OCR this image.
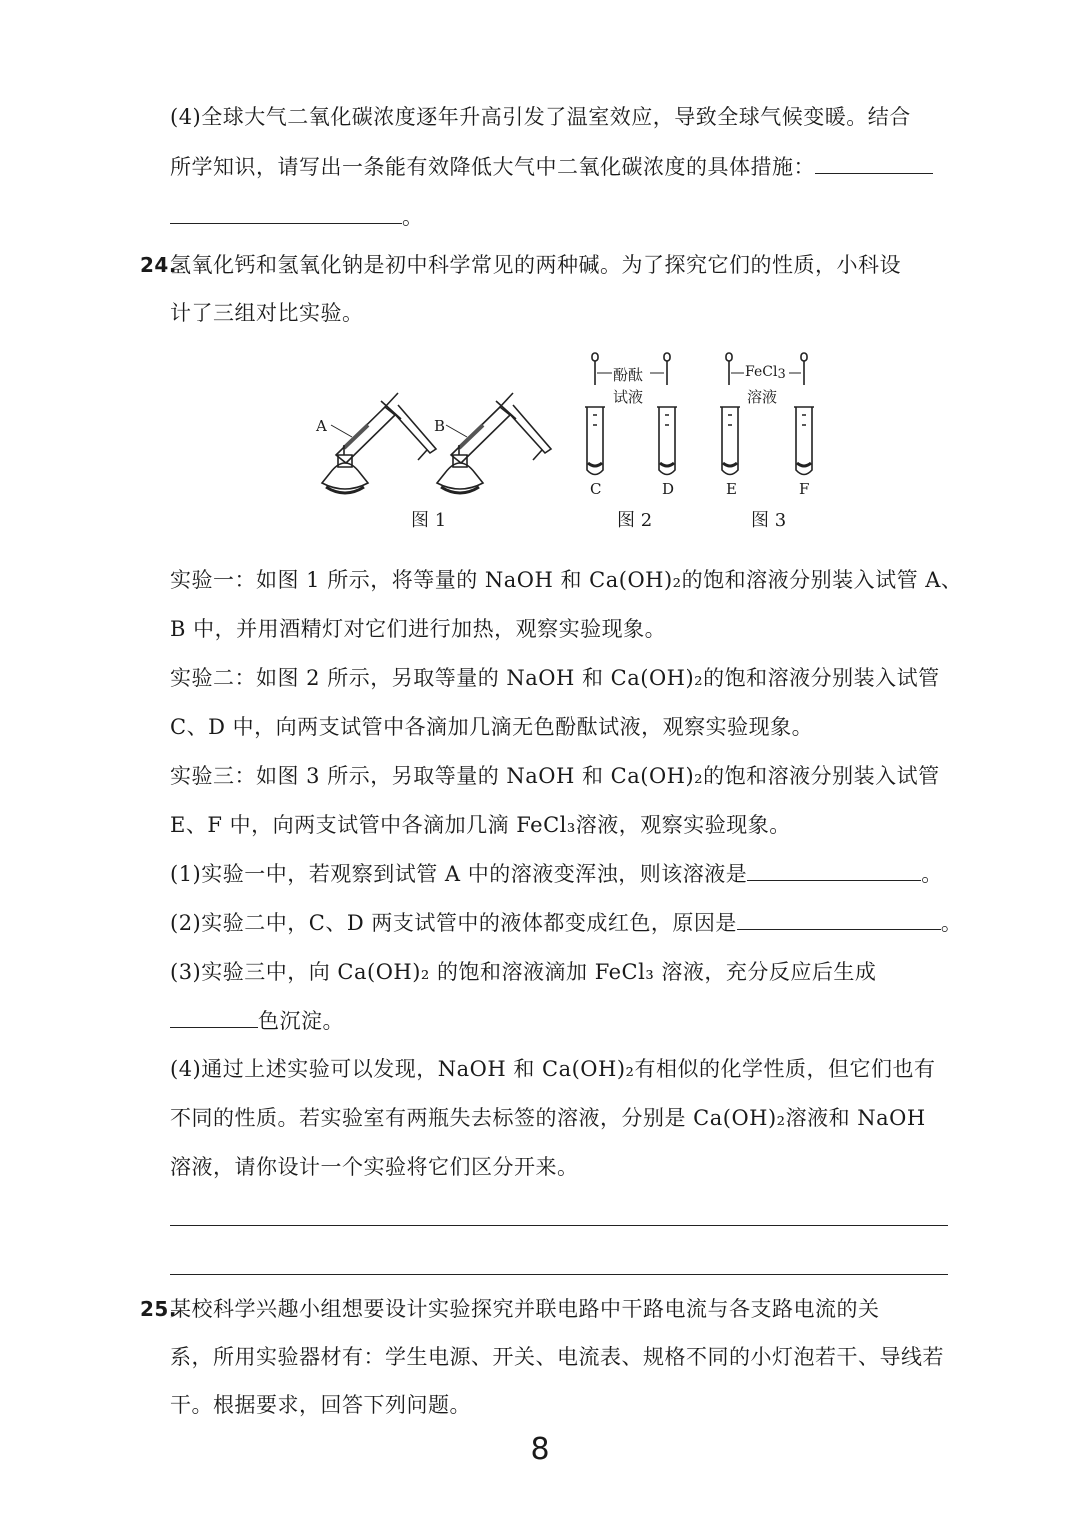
(4)全球大气二氧化碳浓度逐年升高引发了温室效应，导致全球气候变暖。结合
所学知识，请写出一条能有效降低大气中二氧化碳浓度的具体措施：
。
24.
氢氧化钙和氢氧化钠是初中科学常见的两种碱。为了探究它们的性质，小科设
计了三组对比实验。
A	B
C	D	E	F
酚酞
试液
FeCl$_3$
溶液
图 1	图 2	图 3
实验一：如图 1 所示，将等量的 NaOH 和 Ca(OH)₂的饱和溶液分别装入试管 A、
B 中，并用酒精灯对它们进行加热，观察实验现象。
实验二：如图 2 所示，另取等量的 NaOH 和 Ca(OH)₂的饱和溶液分别装入试管
C、D 中，向两支试管中各滴加几滴无色酚酞试液，观察实验现象。
实验三：如图 3 所示，另取等量的 NaOH 和 Ca(OH)₂的饱和溶液分别装入试管
E、F 中，向两支试管中各滴加几滴 FeCl₃溶液，观察实验现象。
(1)实验一中，若观察到试管 A 中的溶液变浑浊，则该溶液是	。
(2)实验二中，C、D 两支试管中的液体都变成红色，原因是	。
(3)实验三中，向 Ca(OH)₂ 的饱和溶液滴加 FeCl₃ 溶液，充分反应后生成
色沉淀。
(4)通过上述实验可以发现，NaOH 和 Ca(OH)₂有相似的化学性质，但它们也有
不同的性质。若实验室有两瓶失去标签的溶液，分别是 Ca(OH)₂溶液和 NaOH
溶液，请你设计一个实验将它们区分开来。
25.
某校科学兴趣小组想要设计实验探究并联电路中干路电流与各支路电流的关
系，所用实验器材有：学生电源、开关、电流表、规格不同的小灯泡若干、导线若
干。根据要求，回答下列问题。
8
